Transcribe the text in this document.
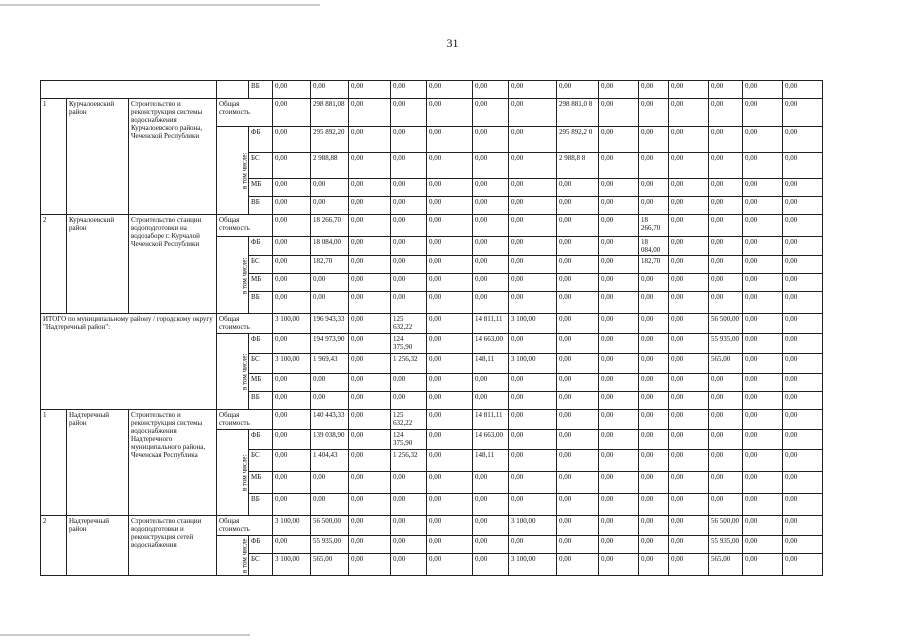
31
				ВБ	0,00	0,00	0,00	0,00	0,00	0,00	0,00	0,00	0,00	0,00	0,00	0,00	0,00	0,00
1	Курчалоевский район	Строительство и реконструкция системы водоснабжения Курчалоевского района, Чеченской Республики	Общая стоимость		0,00	298 881,08	0,00	0,00	0,00	0,00	0,00	298 881,0 8	0,00	0,00	0,00	0,00	0,00	0,00
			в том числе:	ФБ	0,00	295 892,20	0,00	0,00	0,00	0,00	0,00	295 892,2 0	0,00	0,00	0,00	0,00	0,00	0,00
				БС	0,00	2 988,88	0,00	0,00	0,00	0,00	0,00	2 988,8 8	0,00	0,00	0,00	0,00	0,00	0,00
				МБ	0,00	0,00	0,00	0,00	0,00	0,00	0,00	0,00	0,00	0,00	0,00	0,00	0,00	0,00
				ВБ	0,00	0,00	0,00	0,00	0,00	0,00	0,00	0,00	0,00	0,00	0,00	0,00	0,00	0,00
2	Курчалоевский район	Строительство станции водоподготовки на водозаборе г. Курчалой Чеченской Республики	Общая стоимость		0,00	18 266,70	0,00	0,00	0,00	0,00	0,00	0,00	0,00	18 266,70	0,00	0,00	0,00	0,00
			в том числе:	ФБ	0,00	18 084,00	0,00	0,00	0,00	0,00	0,00	0,00	0,00	18 084,00	0,00	0,00	0,00	0,00
				БС	0,00	182,70	0,00	0,00	0,00	0,00	0,00	0,00	0,00	182,70	0,00	0,00	0,00	0,00
				МБ	0,00	0,00	0,00	0,00	0,00	0,00	0,00	0,00	0,00	0,00	0,00	0,00	0,00	0,00
				ВБ	0,00	0,00	0,00	0,00	0,00	0,00	0,00	0,00	0,00	0,00	0,00	0,00	0,00	0,00
ИТОГО по муниципальному району / городскому округу "Надтеречный район":			Общая стоимость		3 100,00	196 943,33	0,00	125 632,22	0,00	14 811,11	3 100,00	0,00	0,00	0,00	0,00	56 500,00	0,00	0,00
			в том числе:	ФБ	0,00	194 973,90	0,00	124 375,90	0,00	14 663,00	0,00	0,00	0,00	0,00	0,00	55 935,00	0,00	0,00
				БС	3 100,00	1 969,43	0,00	1 256,32	0,00	148,11	3 100,00	0,00	0,00	0,00	0,00	565,00	0,00	0,00
				МБ	0,00	0,00	0,00	0,00	0,00	0,00	0,00	0,00	0,00	0,00	0,00	0,00	0,00	0,00
				ВБ	0,00	0,00	0,00	0,00	0,00	0,00	0,00	0,00	0,00	0,00	0,00	0,00	0,00	0,00
1	Надтеречный район	Строительство и реконструкция системы водоснабжения Надтеречного муниципального района, Чеченская Республика	Общая стоимость		0,00	140 443,33	0,00	125 632,22	0,00	14 811,11	0,00	0,00	0,00	0,00	0,00	0,00	0,00	0,00
			в том числе:	ФБ	0,00	139 038,90	0,00	124 375,90	0,00	14 663,00	0,00	0,00	0,00	0,00	0,00	0,00	0,00	0,00
				БС	0,00	1 404,43	0,00	1 256,32	0,00	148,11	0,00	0,00	0,00	0,00	0,00	0,00	0,00	0,00
				МБ	0,00	0,00	0,00	0,00	0,00	0,00	0,00	0,00	0,00	0,00	0,00	0,00	0,00	0,00
				ВБ	0,00	0,00	0,00	0,00	0,00	0,00	0,00	0,00	0,00	0,00	0,00	0,00	0,00	0,00
2	Надтеречный район	Строительство станции водоподготовки и реконструкция сетей водоснабжения	Общая стоимость		3 100,00	56 500,00	0,00	0,00	0,00	0,00	3 100,00	0,00	0,00	0,00	0,00	56 500,00	0,00	0,00
			в том числе	ФБ	0,00	55 935,00	0,00	0,00	0,00	0,00	0,00	0,00	0,00	0,00	0,00	55 935,00	0,00	0,00
				БС	3 100,00	565,00	0,00	0,00	0,00	0,00	3 100,00	0,00	0,00	0,00	0,00	565,00	0,00	0,00
